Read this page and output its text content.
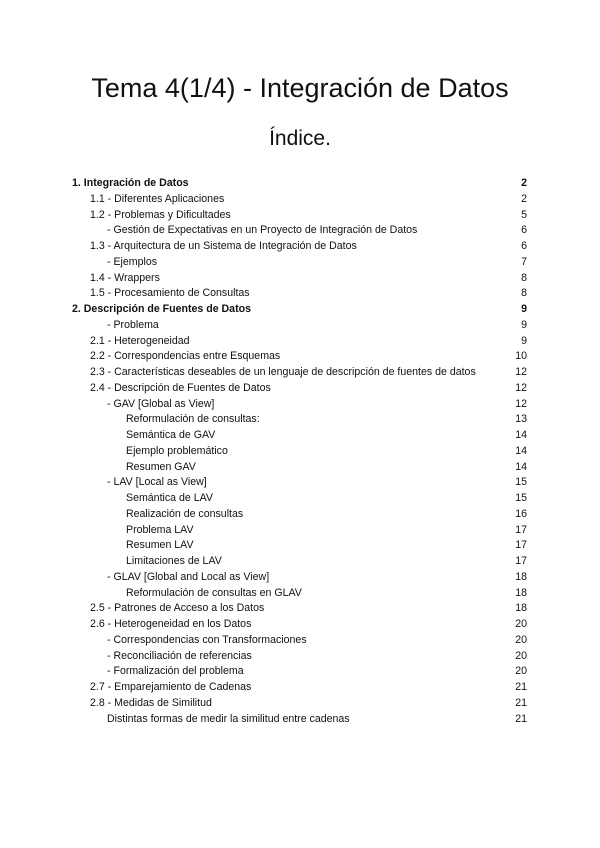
Tema 4(1/4) - Integración de Datos
Índice.
1. Integración de Datos	2
1.1 - Diferentes Aplicaciones	2
1.2 - Problemas y Dificultades	5
- Gestión de Expectativas en un Proyecto de Integración de Datos	6
1.3 - Arquitectura de un Sistema de Integración de Datos	6
- Ejemplos	7
1.4 - Wrappers	8
1.5 - Procesamiento de Consultas	8
2. Descripción de Fuentes de Datos	9
- Problema	9
2.1 - Heterogeneidad	9
2.2 - Correspondencias entre Esquemas	10
2.3 - Características deseables de un lenguaje de descripción de fuentes de datos	12
2.4 - Descripción de Fuentes de Datos	12
- GAV [Global as View]	12
Reformulación de consultas:	13
Semántica de GAV	14
Ejemplo problemático	14
Resumen GAV	14
- LAV [Local as View]	15
Semántica de LAV	15
Realización de consultas	16
Problema LAV	17
Resumen LAV	17
Limitaciones de LAV	17
- GLAV [Global and Local as View]	18
Reformulación de consultas en GLAV	18
2.5 - Patrones de Acceso a los Datos	18
2.6 - Heterogeneidad en los Datos	20
- Correspondencias con Transformaciones	20
- Reconciliación de referencias	20
- Formalización del problema	20
2.7 - Emparejamiento de Cadenas	21
2.8 - Medidas de Similitud	21
Distintas formas de medir la similitud entre cadenas	21
